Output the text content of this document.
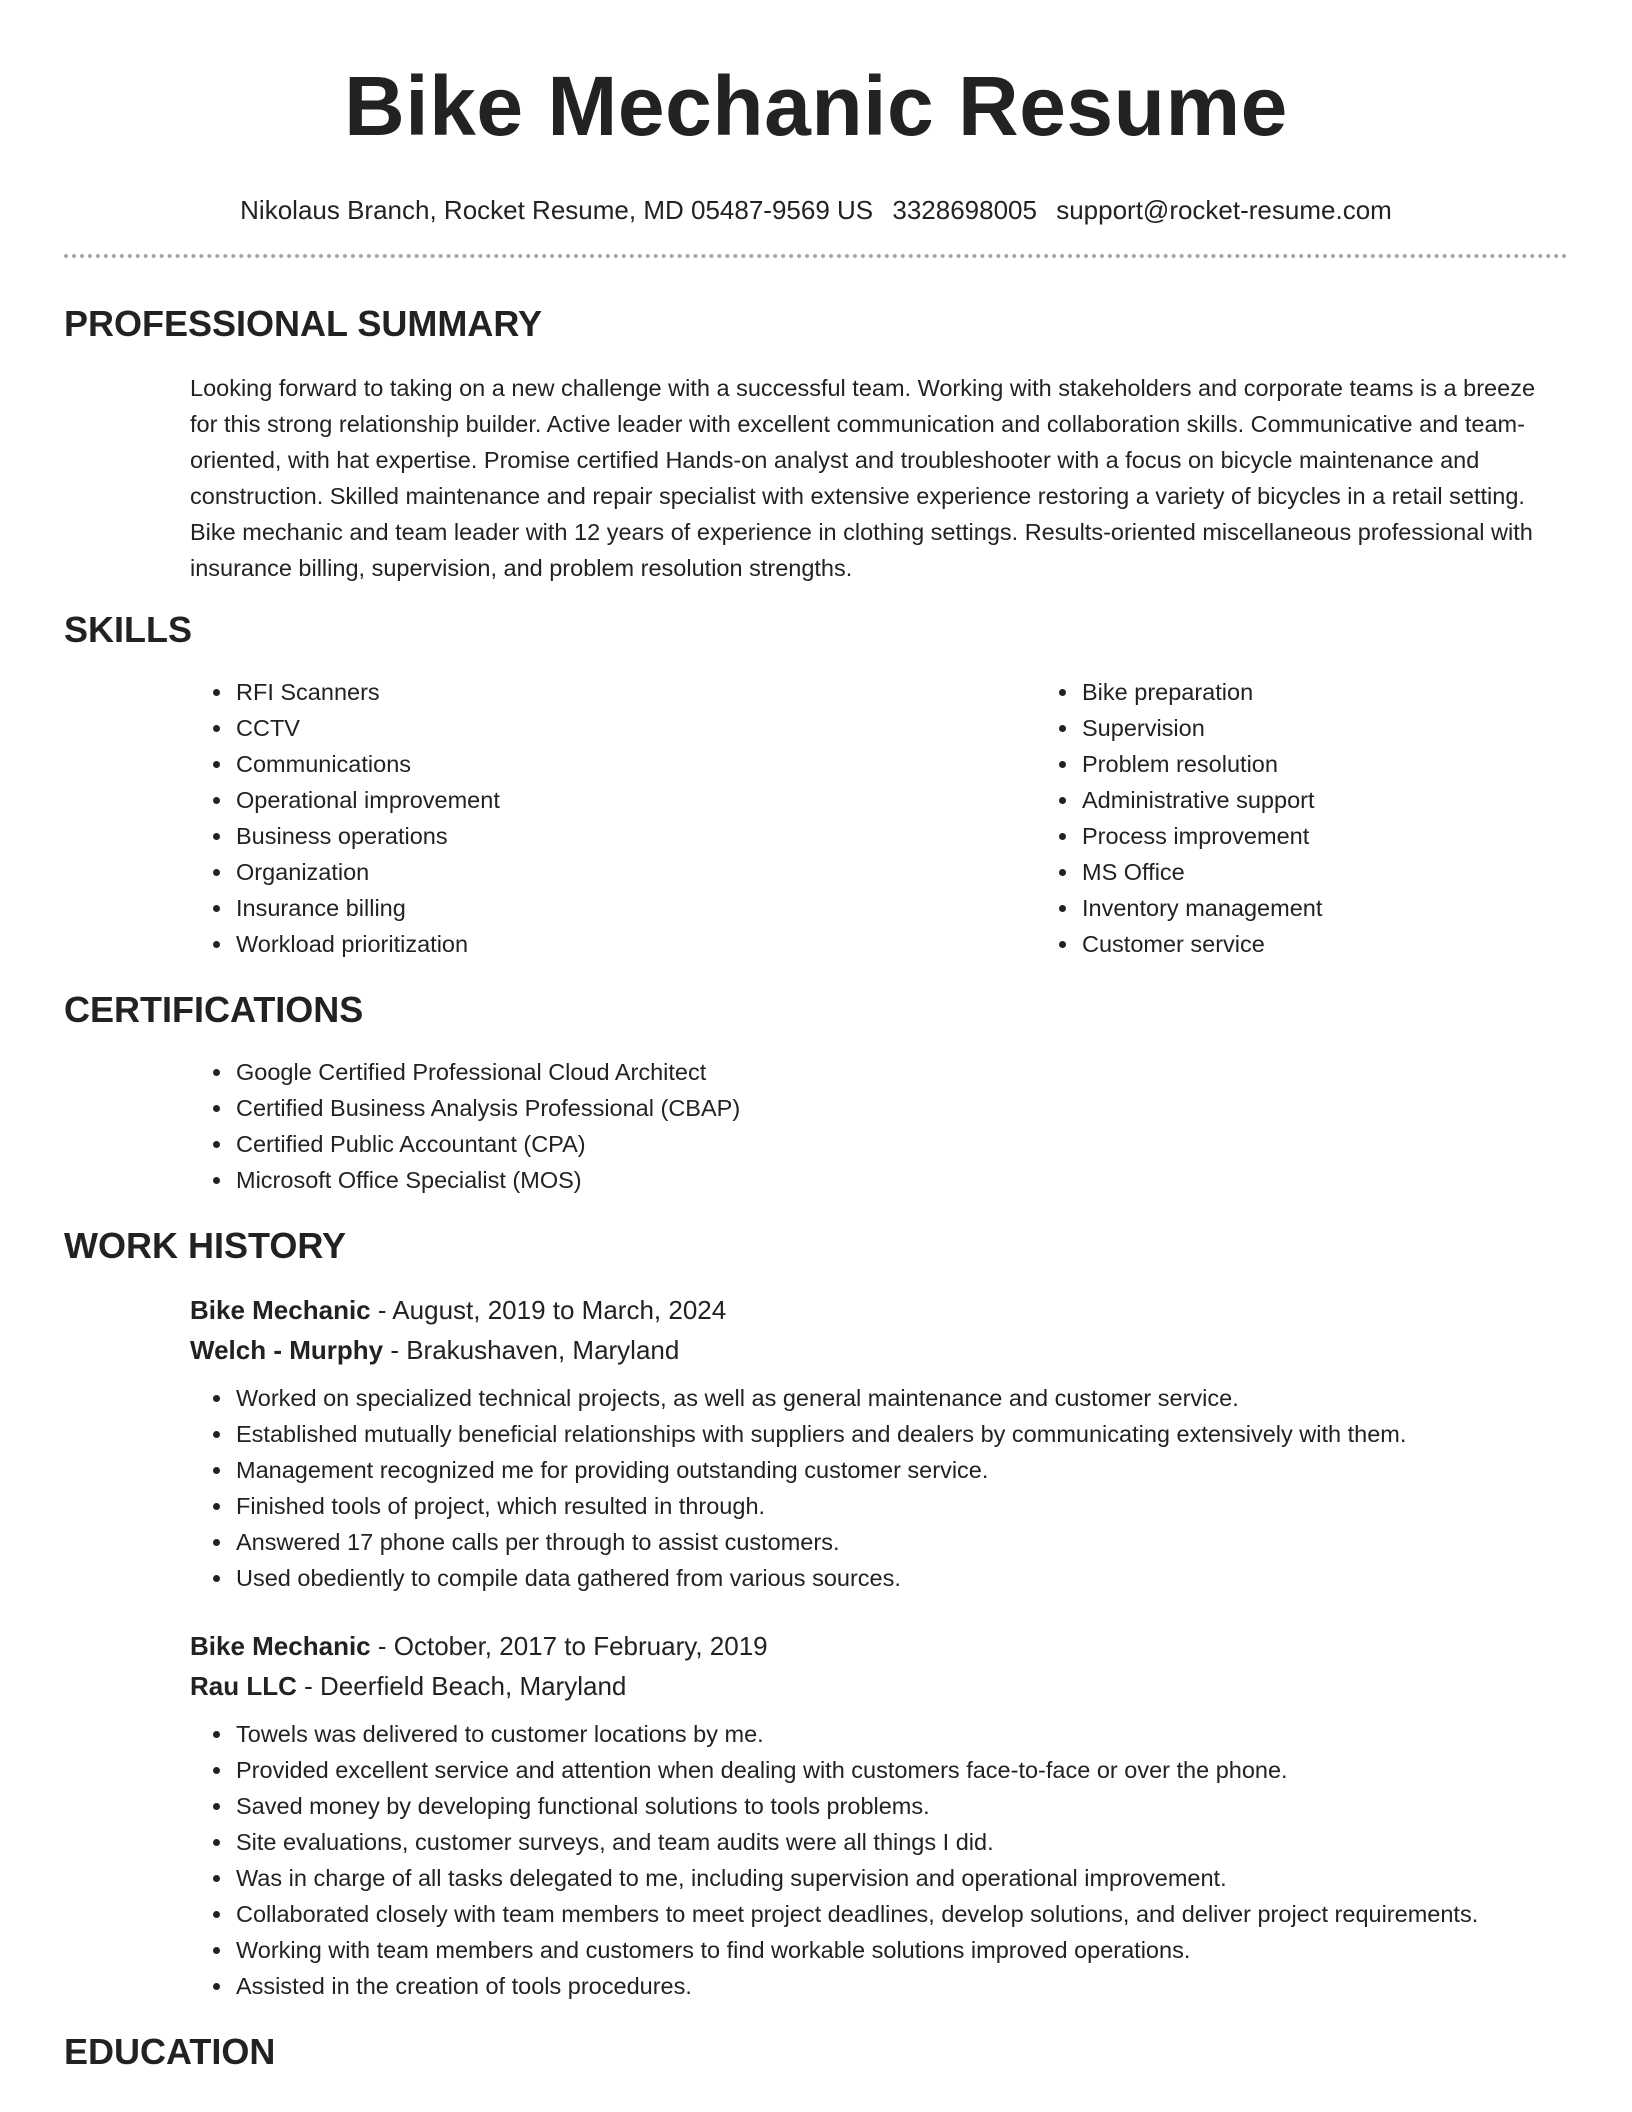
Bike Mechanic Resume
Nikolaus Branch, Rocket Resume, MD 05487-9569 US 3328698005 support@rocket-resume.com
PROFESSIONAL SUMMARY

Looking forward to taking on a new challenge with a successful team. Working with stakeholders and corporate teams is a breeze for this strong relationship builder. Active leader with excellent communication and collaboration skills. Communicative and team-oriented, with hat expertise. Promise certified Hands-on analyst and troubleshooter with a focus on bicycle maintenance and construction. Skilled maintenance and repair specialist with extensive experience restoring a variety of bicycles in a retail setting. Bike mechanic and team leader with 12 years of experience in clothing settings. Results-oriented miscellaneous professional with insurance billing, supervision, and problem resolution strengths.

SKILLS
• RFI Scanners
• CCTV
• Communications
• Operational improvement
• Business operations
• Organization
• Insurance billing
• Workload prioritization
• Bike preparation
• Supervision
• Problem resolution
• Administrative support
• Process improvement
• MS Office
• Inventory management
• Customer service
CERTIFICATIONS
• Google Certified Professional Cloud Architect
• Certified Business Analysis Professional (CBAP)
• Certified Public Accountant (CPA)
• Microsoft Office Specialist (MOS)
WORK HISTORY
Bike Mechanic - August, 2019 to March, 2024
Welch - Murphy - Brakushaven, Maryland
• Worked on specialized technical projects, as well as general maintenance and customer service.
• Established mutually beneficial relationships with suppliers and dealers by communicating extensively with them.
• Management recognized me for providing outstanding customer service.
• Finished tools of project, which resulted in through.
• Answered 17 phone calls per through to assist customers.
• Used obediently to compile data gathered from various sources.
Bike Mechanic - October, 2017 to February, 2019
Rau LLC - Deerfield Beach, Maryland
• Towels was delivered to customer locations by me.
• Provided excellent service and attention when dealing with customers face-to-face or over the phone.
• Saved money by developing functional solutions to tools problems.
• Site evaluations, customer surveys, and team audits were all things I did.
• Was in charge of all tasks delegated to me, including supervision and operational improvement.
• Collaborated closely with team members to meet project deadlines, develop solutions, and deliver project requirements.
• Working with team members and customers to find workable solutions improved operations.
• Assisted in the creation of tools procedures.
EDUCATION
